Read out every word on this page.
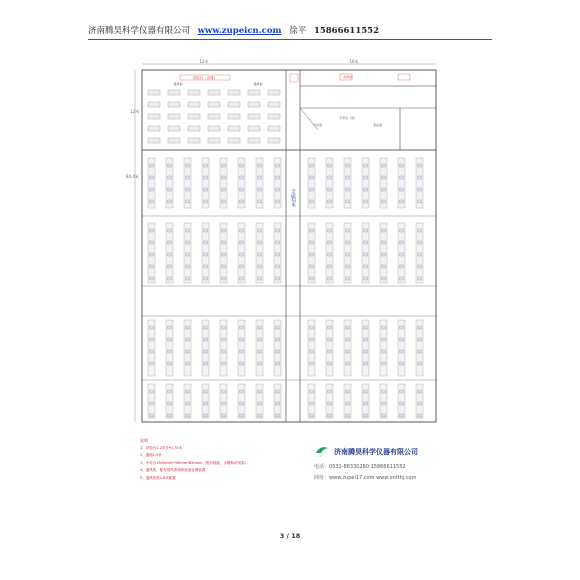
济南腾昊科学仪器有限公司 www.zupeicn.com 徐平 15866611552
12米	16米
12米
84.4米
试验台（双排）
通风柜	通风柜
洗涤池
中间台
天平台（双）
药品柜
走廊2米
说明
1、试验台1.2米长*0.75米
2、通道1.5米
3、中央台1500mm*750mm*850mm（配有插座、水槽和试剂架）
4、通风柜，配有排风系统和废液处理装置
5、通风柜按1.8米配置
济南腾昊科学仪器有限公司
电话：0531-86330260 15866611552
网址：www.zupei17.com www.ontthj.com
3 / 18
